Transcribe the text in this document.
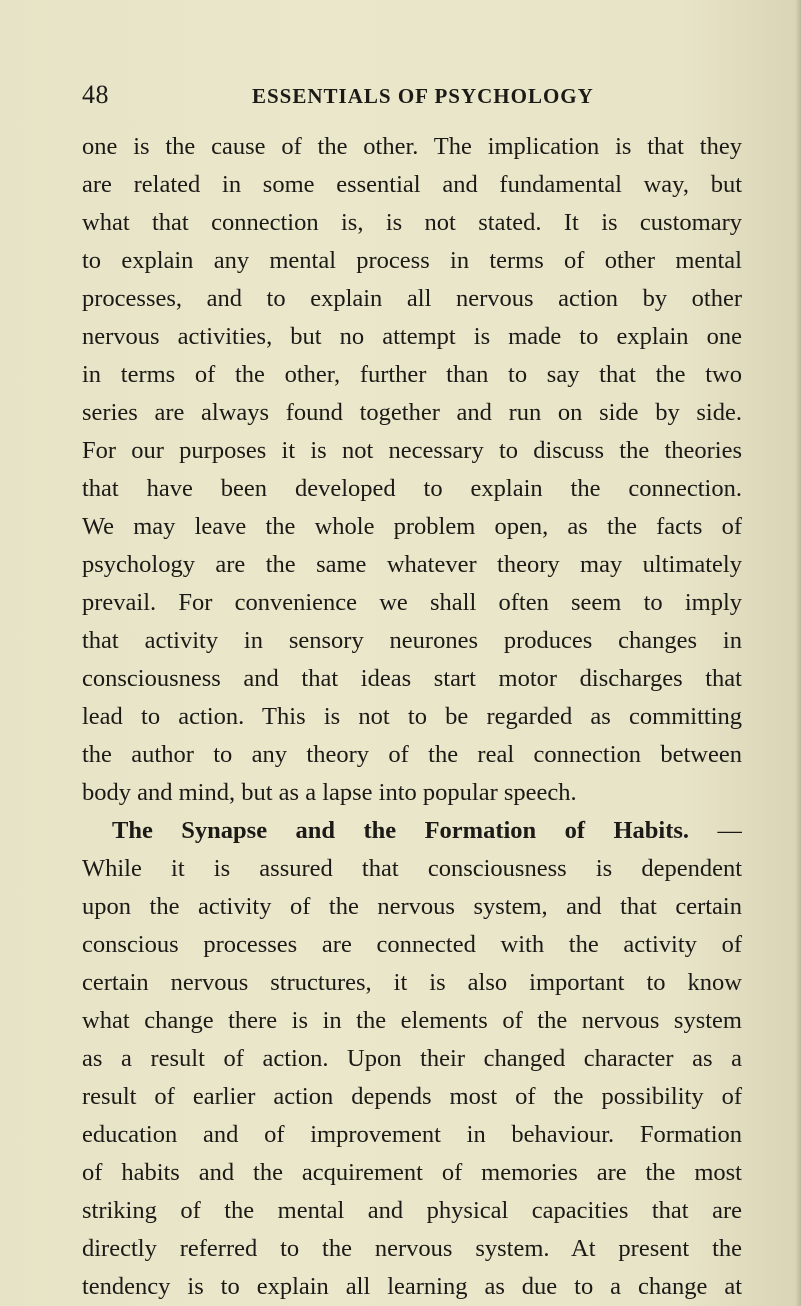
48	ESSENTIALS OF PSYCHOLOGY
one is the cause of the other. The implication is that they
are related in some essential and fundamental way, but
what that connection is, is not stated. It is customary
to explain any mental process in terms of other mental
processes, and to explain all nervous action by other
nervous activities, but no attempt is made to explain one
in terms of the other, further than to say that the two
series are always found together and run on side by side.
For our purposes it is not necessary to discuss the theories
that have been developed to explain the connection.
We may leave the whole problem open, as the facts of
psychology are the same whatever theory may ultimately
prevail. For convenience we shall often seem to imply
that activity in sensory neurones produces changes in
consciousness and that ideas start motor discharges that
lead to action. This is not to be regarded as committing
the author to any theory of the real connection between
body and mind, but as a lapse into popular speech.
The Synapse and the Formation of Habits. —
While it is assured that consciousness is dependent
upon the activity of the nervous system, and that certain
conscious processes are connected with the activity of
certain nervous structures, it is also important to know
what change there is in the elements of the nervous system
as a result of action. Upon their changed character as a
result of earlier action depends most of the possibility of
education and of improvement in behaviour. Formation
of habits and the acquirement of memories are the most
striking of the mental and physical capacities that are
directly referred to the nervous system. At present the
tendency is to explain all learning as due to a change at
